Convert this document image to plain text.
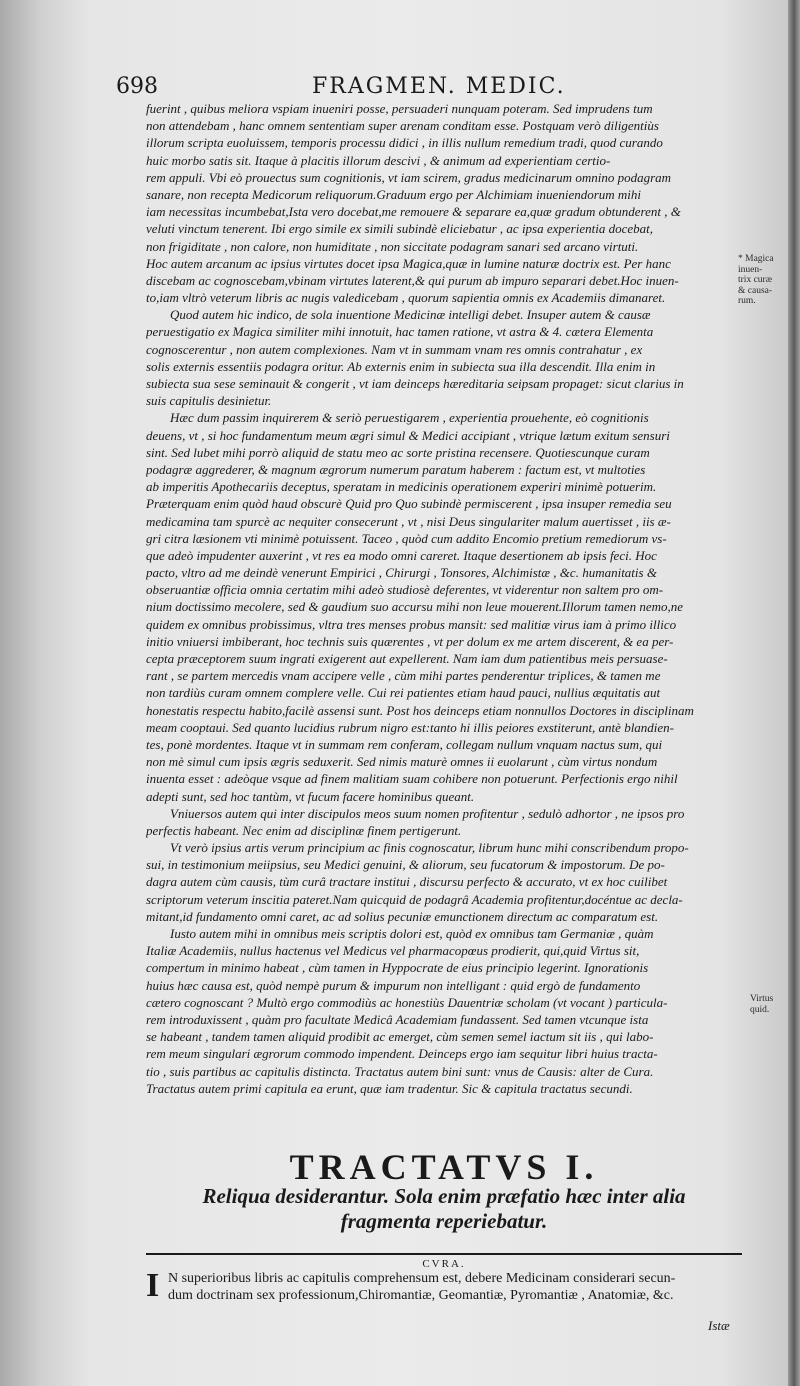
698	FRAGMEN. MEDIC.
fuerint , quibus meliora vspiam inueniri posse, persuaderi nunquam poteram. Sed imprudens tum
non attendebam , hanc omnem sententiam super arenam conditam esse. Postquam verò diligentiùs
illorum scripta euoluissem, temporis processu didici , in illis nullum remedium tradi, quod curando
huic morbo satis sit. Itaque à placitis illorum descivi , & animum ad experientiam certio-
rem appuli. Vbi eò prouectus sum cognitionis, vt iam scirem, gradus medicinarum omnino podagram
sanare, non recepta Medicorum reliquorum.Graduum ergo per Alchimiam inueniendorum mihi
iam necessitas incumbebat,Ista vero docebat,me remouere & separare ea,quæ gradum obtunderent , &
veluti vinctum tenerent. Ibi ergo simile ex simili subindè eliciebatur , ac ipsa experientia docebat,
non frigiditate , non calore, non humiditate , non siccitate podagram sanari sed arcano virtuti.
Hoc autem arcanum ac ipsius virtutes docet ipsa Magica,quæ in lumine naturæ doctrix est. Per hanc
discebam ac cognoscebam,vbinam virtutes laterent,& qui purum ab impuro separari debet.Hoc inuen-
to,iam vltrò veterum libris ac nugis valedicebam , quorum sapientia omnis ex Academiis dimanaret.
Quod autem hic indico, de sola inuentione Medicinæ intelligi debet. Insuper autem & causæ
peruestigatio ex Magica similiter mihi innotuit, hac tamen ratione, vt astra & 4. cætera Elementa
cognoscerentur , non autem complexiones. Nam vt in summam vnam res omnis contrahatur , ex
solis externis essentiis podagra oritur. Ab externis enim in subiecta sua illa descendit. Illa enim in
subiecta sua sese seminauit & congerit , vt iam deinceps hæreditaria seipsam propaget: sicut clarius in
suis capitulis desinietur.
Hæc dum passim inquirerem & seriò peruestigarem , experientia prouehente, eò cognitionis
deuens, vt , si hoc fundamentum meum ægri simul & Medici accipiant , vtrique lætum exitum sensuri
sint. Sed lubet mihi porrò aliquid de statu meo ac sorte pristina recensere. Quotiescunque curam
podagræ aggrederer, & magnum ægrorum numerum paratum haberem : factum est, vt multoties
ab imperitis Apothecariis deceptus, speratam in medicinis operationem experiri minimè potuerim.
Præterquam enim quòd haud obscurè Quid pro Quo subindè permiscerent , ipsa insuper remedia seu
medicamina tam spurcè ac nequiter consecerunt , vt , nisi Deus singulariter malum auertisset , iis æ-
gri citra læsionem vti minimè potuissent. Taceo , quòd cum addito Encomio pretium remediorum vs-
que adeò impudenter auxerint , vt res ea modo omni careret. Itaque desertionem ab ipsis feci. Hoc
pacto, vltro ad me deindè venerunt Empirici , Chirurgi , Tonsores, Alchimistæ , &c. humanitatis &
obseruantiæ officia omnia certatim mihi adeò studiosè deferentes, vt viderentur non saltem pro om-
nium doctissimo mecolere, sed & gaudium suo accursu mihi non leue mouerent.Illorum tamen nemo,ne
quidem ex omnibus probissimus, vltra tres menses probus mansit: sed malitiæ virus iam à primo illico
initio vniuersi imbiberant, hoc technis suis quærentes , vt per dolum ex me artem discerent, & ea per-
cepta præceptorem suum ingrati exigerent aut expellerent. Nam iam dum patientibus meis persuase-
rant , se partem mercedis vnam accipere velle , cùm mihi partes penderentur triplices, & tamen me
non tardiùs curam omnem complere velle. Cui rei patientes etiam haud pauci, nullius æquitatis aut
honestatis respectu habito,facilè assensi sunt. Post hos deinceps etiam nonnullos Doctores in disciplinam
meam cooptaui. Sed quanto lucidius rubrum nigro est:tanto hi illis peiores exstiterunt, antè blandien-
tes, ponè mordentes. Itaque vt in summam rem conferam, collegam nullum vnquam nactus sum, qui
non mè simul cum ipsis ægris seduxerit. Sed nimis maturè omnes ii euolarunt , cùm virtus nondum
inuenta esset : adeòque vsque ad finem malitiam suam cohibere non potuerunt. Perfectionis ergo nihil
adepti sunt, sed hoc tantùm, vt fucum facere hominibus queant.
Vniuersos autem qui inter discipulos meos suum nomen profitentur , sedulò adhortor , ne ipsos pro
perfectis habeant. Nec enim ad disciplinæ finem pertigerunt.
Vt verò ipsius artis verum principium ac finis cognoscatur, librum hunc mihi conscribendum propo-
sui, in testimonium meiipsius, seu Medici genuini, & aliorum, seu fucatorum & impostorum. De po-
dagra autem cùm causis, tùm curâ tractare institui , discursu perfecto & accurato, vt ex hoc cuilibet
scriptorum veterum inscitia pateret.Nam quicquid de podagrâ Academia profitentur,docéntue ac decla-
mitant,id fundamento omni caret, ac ad solius pecuniæ emunctionem directum ac comparatum est.
Iusto autem mihi in omnibus meis scriptis dolori est, quòd ex omnibus tam Germaniæ , quàm
Italiæ Academiis, nullus hactenus vel Medicus vel pharmacopœus prodierit, qui,quid Virtus sit,
compertum in minimo habeat , cùm tamen in Hyppocrate de eius principio legerint. Ignorationis
huius hæc causa est, quòd nempè purum & impurum non intelligant : quid ergò de fundamento
cætero cognoscant ? Multò ergo commodiùs ac honestiùs Dauentriæ scholam (vt vocant ) particula-
rem introduxissent , quàm pro facultate Medicâ Academiam fundassent. Sed tamen vtcunque ista
se habeant , tandem tamen aliquid prodibit ac emerget, cùm semen semel iactum sit iis , qui labo-
rem meum singulari ægrorum commodo impendent. Deinceps ergo iam sequitur libri huius tracta-
tio , suis partibus ac capitulis distincta. Tractatus autem bini sunt: vnus de Causis: alter de Cura.
Tractatus autem primi capitula ea erunt, quæ iam tradentur. Sic & capitula tractatus secundi.
* Magica
inuen-
trix curæ
& causa-
rum.
Virtus
quid.
TRACTATVS I.
Reliqua desiderantur. Sola enim præfatio hæc inter alia
fragmenta reperiebatur.
CVRA.
I N superioribus libris ac capitulis comprehensum est, debere Medicinam considerari secun-
dum doctrinam sex professionum,Chiromantiæ, Geomantiæ, Pyromantiæ , Anatomiæ, &c.
Istæ
